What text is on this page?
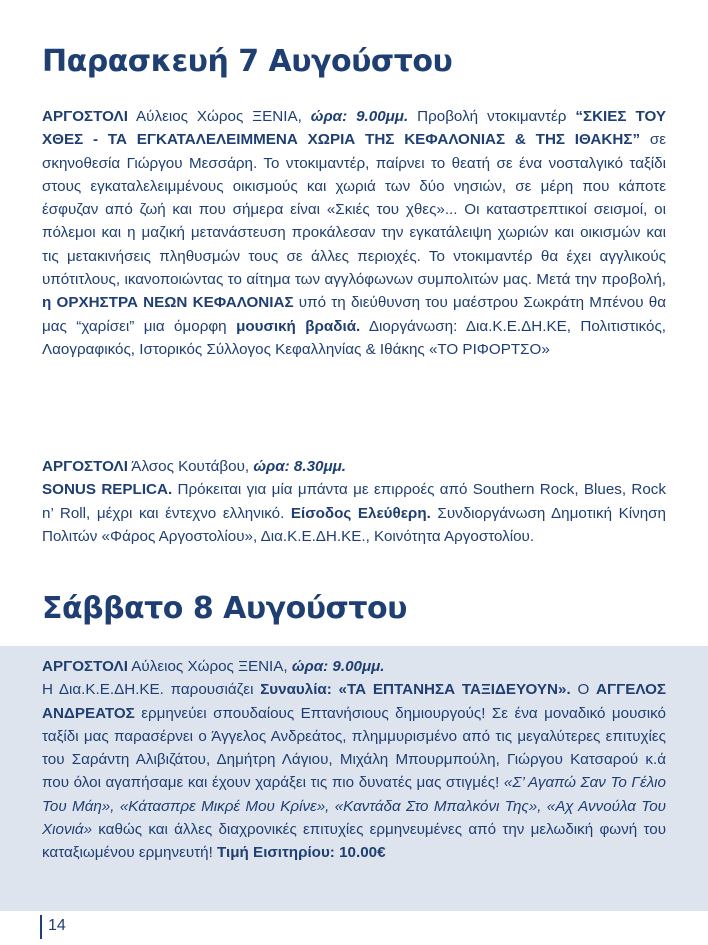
Παρασκευή 7 Αυγούστου
ΑΡΓΟΣΤΟΛΙ Αύλειος Χώρος ΞΕΝΙΑ, ώρα: 9.00μμ. Προβολή ντοκιμαντέρ “ΣΚΙΕΣ ΤΟΥ ΧΘΕΣ - ΤΑ ΕΓΚΑΤΑΛΕΛΕΙΜΜΕΝΑ ΧΩΡΙΑ ΤΗΣ ΚΕΦΑΛΟΝΙΑΣ & ΤΗΣ ΙΘΑΚΗΣ” σε σκηνοθεσία Γιώργου Μεσσάρη. Το ντοκιμαντέρ, παίρνει το θεατή σε ένα νοσταλγικό ταξίδι στους εγκαταλελειμμένους οικισμούς και χωριά των δύο νησιών, σε μέρη που κάποτε έσφυζαν από ζωή και που σήμερα είναι «Σκιές του χθες»... Οι καταστρεπτικοί σεισμοί, οι πόλεμοι και η μαζική μετανάστευση προκάλεσαν την εγκατάλειψη χωριών και οικισμών και τις μετακινήσεις πληθυσμών τους σε άλλες περιοχές. Το ντοκιμαντέρ θα έχει αγγλικούς υπότιτλους, ικανοποιώντας το αίτημα των αγγλόφωνων συμπολιτών μας. Μετά την προβολή, η ΟΡΧΗΣΤΡΑ ΝΕΩΝ ΚΕΦΑΛΟΝΙΑΣ υπό τη διεύθυνση του μαέστρου Σωκράτη Μπένου θα μας “χαρίσει” μια όμορφη μουσική βραδιά. Διοργάνωση: Δια.Κ.Ε.ΔΗ.ΚΕ, Πολιτιστικός, Λαογραφικός, Ιστορικός Σύλλογος Κεφαλληνίας & Ιθάκης «ΤΟ ΡΙΦΟΡΤΣΟ»
ΑΡΓΟΣΤΟΛΙ Άλσος Κουτάβου, ώρα: 8.30μμ.
SONUS REPLICA. Πρόκειται για μία μπάντα με επιρροές από Southern Rock, Blues, Rock n’ Roll, μέχρι και έντεχνο ελληνικό. Είσοδος Ελεύθερη. Συνδιοργάνωση Δημοτική Κίνηση Πολιτών «Φάρος Αργοστολίου», Δια.Κ.Ε.ΔΗ.ΚΕ., Κοινότητα Αργοστολίου.
Σάββατο 8 Αυγούστου
ΑΡΓΟΣΤΟΛΙ Αύλειος Χώρος ΞΕΝΙΑ, ώρα: 9.00μμ.
Η Δια.Κ.Ε.ΔΗ.ΚΕ. παρουσιάζει Συναυλία: «ΤΑ ΕΠΤΑΝΗΣΑ ΤΑΞΙΔΕΥΟΥΝ». Ο ΑΓΓΕΛΟΣ ΑΝΔΡΕΑΤΟΣ ερμηνεύει σπουδαίους Επτανήσιους δημιουργούς! Σε ένα μοναδικό μουσικό ταξίδι μας παρασέρνει ο Άγγελος Ανδρεάτος, πλημμυρισμένο από τις μεγαλύτερες επιτυχίες του Σαράντη Αλιβιζάτου, Δημήτρη Λάγιου, Μιχάλη Μπουρμπούλη, Γιώργου Κατσαρού κ.ά που όλοι αγαπήσαμε και έχουν χαράξει τις πιο δυνατές μας στιγμές! «Σ’ Αγαπώ Σαν Το Γέλιο Του Μάη», «Κάτασπρε Μικρέ Μου Κρίνε», «Καντάδα Στο Μπαλκόνι Της», «Αχ Αννούλα Του Χιονιά» καθώς και άλλες διαχρονικές επιτυχίες ερμηνευμένες από την μελωδική φωνή του καταξιωμένου ερμηνευτή! Τιμή Εισιτηρίου: 10.00€
14
